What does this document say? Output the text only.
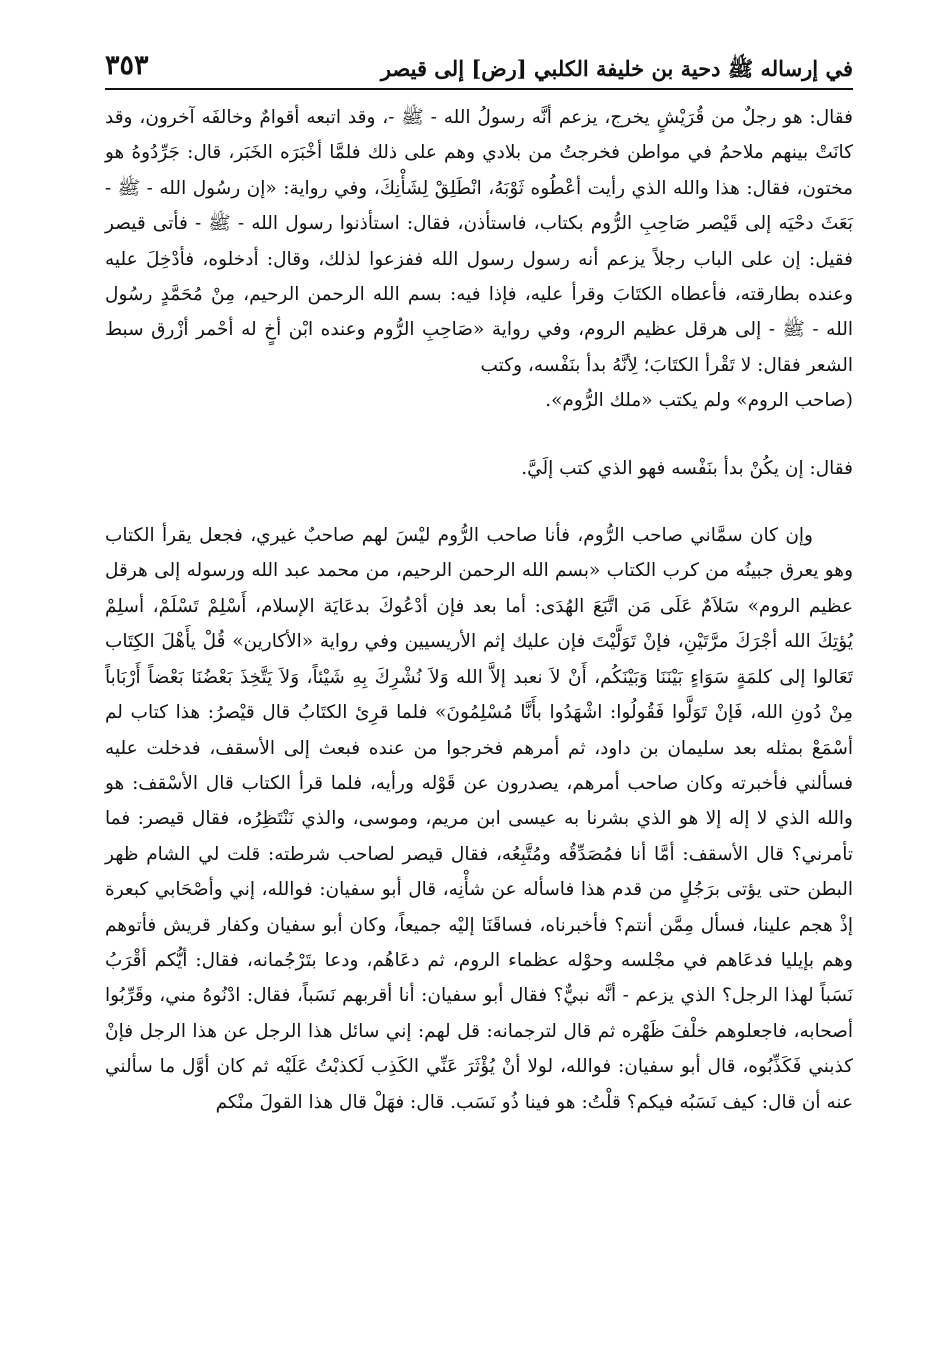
في إرساله ﷺ دحية بن خليفة الكلبي [رض] إلى قيصر
٣٥٣

فقال: هو رجلٌ من قُرَيْشٍ يخرج، يزعم أنَّه رسولُ الله - ﷺ -، وقد اتبعه أقوامٌ وخالفَه آخرون، وقد كانَتْ بينهم ملاحمُ في مواطن فخرجتُ من بلادي وهم على ذلك فلمَّا أخْبَرَه الخَبَر، قال: جَرِّدُوهُ هو مختون، فقال: هذا والله الذي رأيت أعْطُوه ثَوْبَهُ، انْطَلِقْ لِشَأْنِكَ، وفي رواية: «إن رسُول الله - ﷺ - بَعَثَ دحْيَه إلى قَيْصر صَاحِبِ الرُّوم بكتاب، فاستأذن، فقال: استأذنوا رسول الله - ﷺ - فأتى قيصر فقيل: إن على الباب رجلاً يزعم أنه رسول رسول الله ففزعوا لذلك، وقال: أدخلوه، فأدْخِلَ عليه وعنده بطارقته، فأعطاه الكتَابَ وقرأ عليه، فإذا فيه: بسم الله الرحمن الرحيم، مِنْ مُحَمَّدٍ رسُول الله - ﷺ - إلى هرقل عظيم الروم، وفي رواية «صَاحِبِ الرُّوم وعنده ابْن أخٍ له أحْمر أزْرق سبط الشعر فقال: لا تَقْرأ الكتَابَ؛ لِأنَّهُ بدأ بنَفْسه، وكتب
(صاحب الروم» ولم يكتب «ملك الرُّوم».

فقال: إن يكُنْ بدأ بنَفْسه فهو الذي كتب إلَيَّ.

وإن كان سمَّاني صاحب الرُّوم، فأنا صاحب الرُّوم ليْسَ لهم صاحبٌ غيري، فجعل يقرأ الكتاب وهو يعرق جبينُه من كرب الكتاب «بسم الله الرحمن الرحيم، من محمد عبد الله ورسوله إلى هرقل عظيم الروم» سَلاَمٌ عَلَى مَن اتَّبَعَ الهُدَى: أما بعد فإن أدْعُوكَ بدعَايَة الإسلام، أَسْلِمْ تَسْلَمْ، أسلِمْ يُؤتِكَ الله أجْرَكَ مرَّتَيْنِ، فإنْ تَوَلَّيْتَ فإن عليك إثم الأريسيين وفي رواية «الأكارين» قُلْ يأَهْلَ الكِتَاب تَعَالوا إلى كلمَةٍ سَوَاءٍ بَيْنَنَا وَبَيْنَكُم، أَنْ لاَ نعبد إلاَّ الله وَلاَ نُشْرِكَ بِهِ شَيْئاً، وَلاَ يَتَّخِذَ بَعْضُنَا بَعْضاً أَرْبَاباً مِنْ دُونِ الله، فَإنْ تَوَلَّوا فَقُولُوا: اشْهَدُوا بأَنَّا مُسْلِمُونَ» فلما قرِئ الكتَابُ قال قيْصرُ: هذا كتاب لم أسْمَعْ بمثله بعد سليمان بن داود، ثم أمرهم فخرجوا من عنده فبعث إلى الأسقف، فدخلت عليه فسألني فأخبرته وكان صاحب أمرهم، يصدرون عن قَوْله ورأيه، فلما قرأ الكتاب قال الأسْقف: هو والله الذي لا إله إلا هو الذي بشرنا به عيسى ابن مريم، وموسى، والذي نَنْتَظِرُه، فقال قيصر: فما تأمرني؟ قال الأسقف: أمَّا أنا فمُصَدِّقُه ومُتَّبِعُه، فقال قيصر لصاحب شرطته: قلت لي الشام ظهر البطن حتى يؤتى برَجُلٍ من قدم هذا فاسأله عن شأْنِه، قال أبو سفيان: فوالله، إني وأصْحَابي كبعرة إذْ هجم علينا، فسأل مِمَّن أنتم؟ فأخبرناه، فساقَنَا إليْه جميعاً، وكان أبو سفيان وكفار قريش فأتوهم وهم بإيليا فدعَاهم في مجْلسه وحوْله عظماء الروم، ثم دعَاهُم، ودعا بتَرْجُمانه، فقال: أيُّكم أقْرَبُ نَسَباً لهذا الرجل؟ الذي يزعم - أنَّه نبيٌّ؟ فقال أبو سفيان: أنا أقربهم نَسَباً، فقال: ادْنُوهُ مني، وقَرِّبُوا أصحابه، فاجعلوهم خلْفَ ظَهْره ثم قال لترجمانه: قل لهم: إني سائل هذا الرجل عن هذا الرجل فإنْ كذبني فَكَذِّبُوه، قال أبو سفيان: فوالله، لولا أنْ يُؤْثَرَ عَنِّي الكَذِب لَكذبْتُ عَلَيْه ثم كان أوَّل ما سألني عنه أن قال: كيف نَسَبُه فيكم؟ قلْتُ: هو فينا ذُو نَسَب. قال: فهَلْ قال هذا القولَ منْكم
